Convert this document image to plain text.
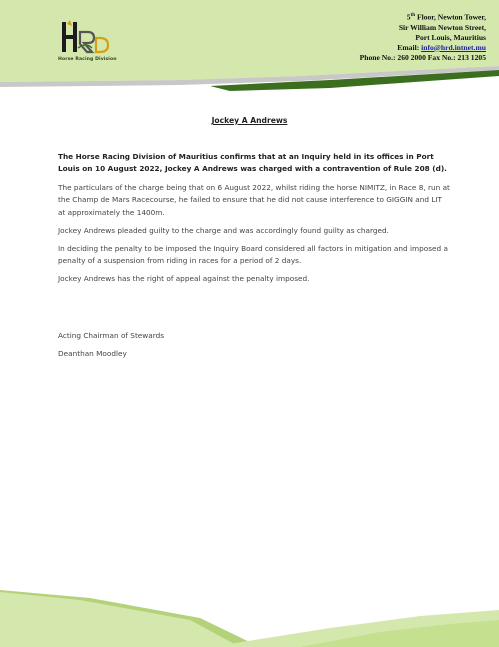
Horse Racing Division
5th Floor, Newton Tower,
Sir William Newton Street,
Port Louis, Mauritius
Email: info@hrd.intnet.mu
Phone No.: 260 2000 Fax No.: 213 1205
Jockey A Andrews
The Horse Racing Division of Mauritius confirms that at an Inquiry held in its offices in Port Louis on 10 August 2022, Jockey A Andrews was charged with a contravention of Rule 208 (d).
The particulars of the charge being that on 6 August 2022, whilst riding the horse NIMITZ, in Race 8, run at the Champ de Mars Racecourse, he failed to ensure that he did not cause interference to GIGGIN and LIT at approximately the 1400m.
Jockey Andrews pleaded guilty to the charge and was accordingly found guilty as charged.
In deciding the penalty to be imposed the Inquiry Board considered all factors in mitigation and imposed a penalty of a suspension from riding in races for a period of 2 days.
Jockey Andrews has the right of appeal against the penalty imposed.
Acting Chairman of Stewards
Deanthan Moodley
